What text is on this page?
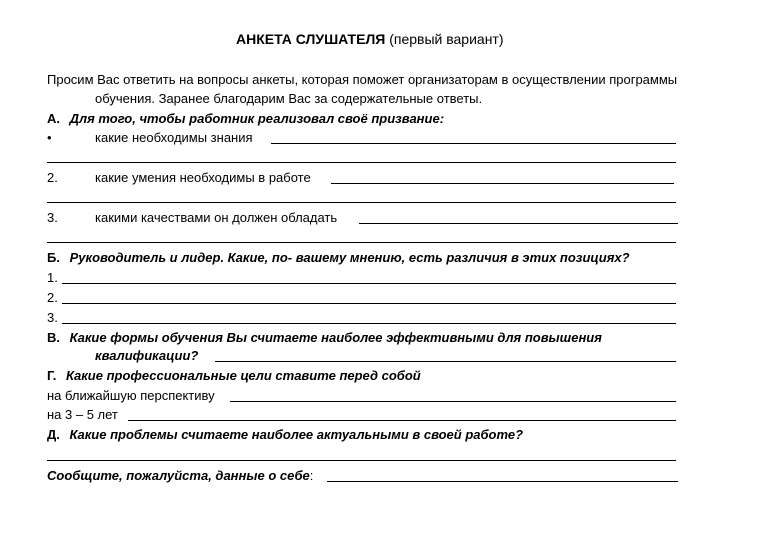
АНКЕТА СЛУШАТЕЛЯ (первый вариант)
Просим Вас ответить на вопросы анкеты, которая поможет организаторам в осуществлении программы
обучения. Заранее благодарим Вас за содержательные ответы.
А. Для того, чтобы работник реализовал своё призвание:
•	какие необходимы знания
2.	какие умения необходимы в работе
3.	какими качествами он должен обладать
Б. Руководитель и лидер. Какие, по- вашему мнению, есть различия в этих позициях?
1.
2.
3.
В. Какие формы обучения Вы считаете наиболее эффективными для повышения
квалификации?
Г. Какие профессиональные цели ставите перед собой
на ближайшую перспективу
на 3 – 5 лет
Д. Какие проблемы считаете наиболее актуальными в своей работе?
Сообщите, пожалуйста, данные о себе:
